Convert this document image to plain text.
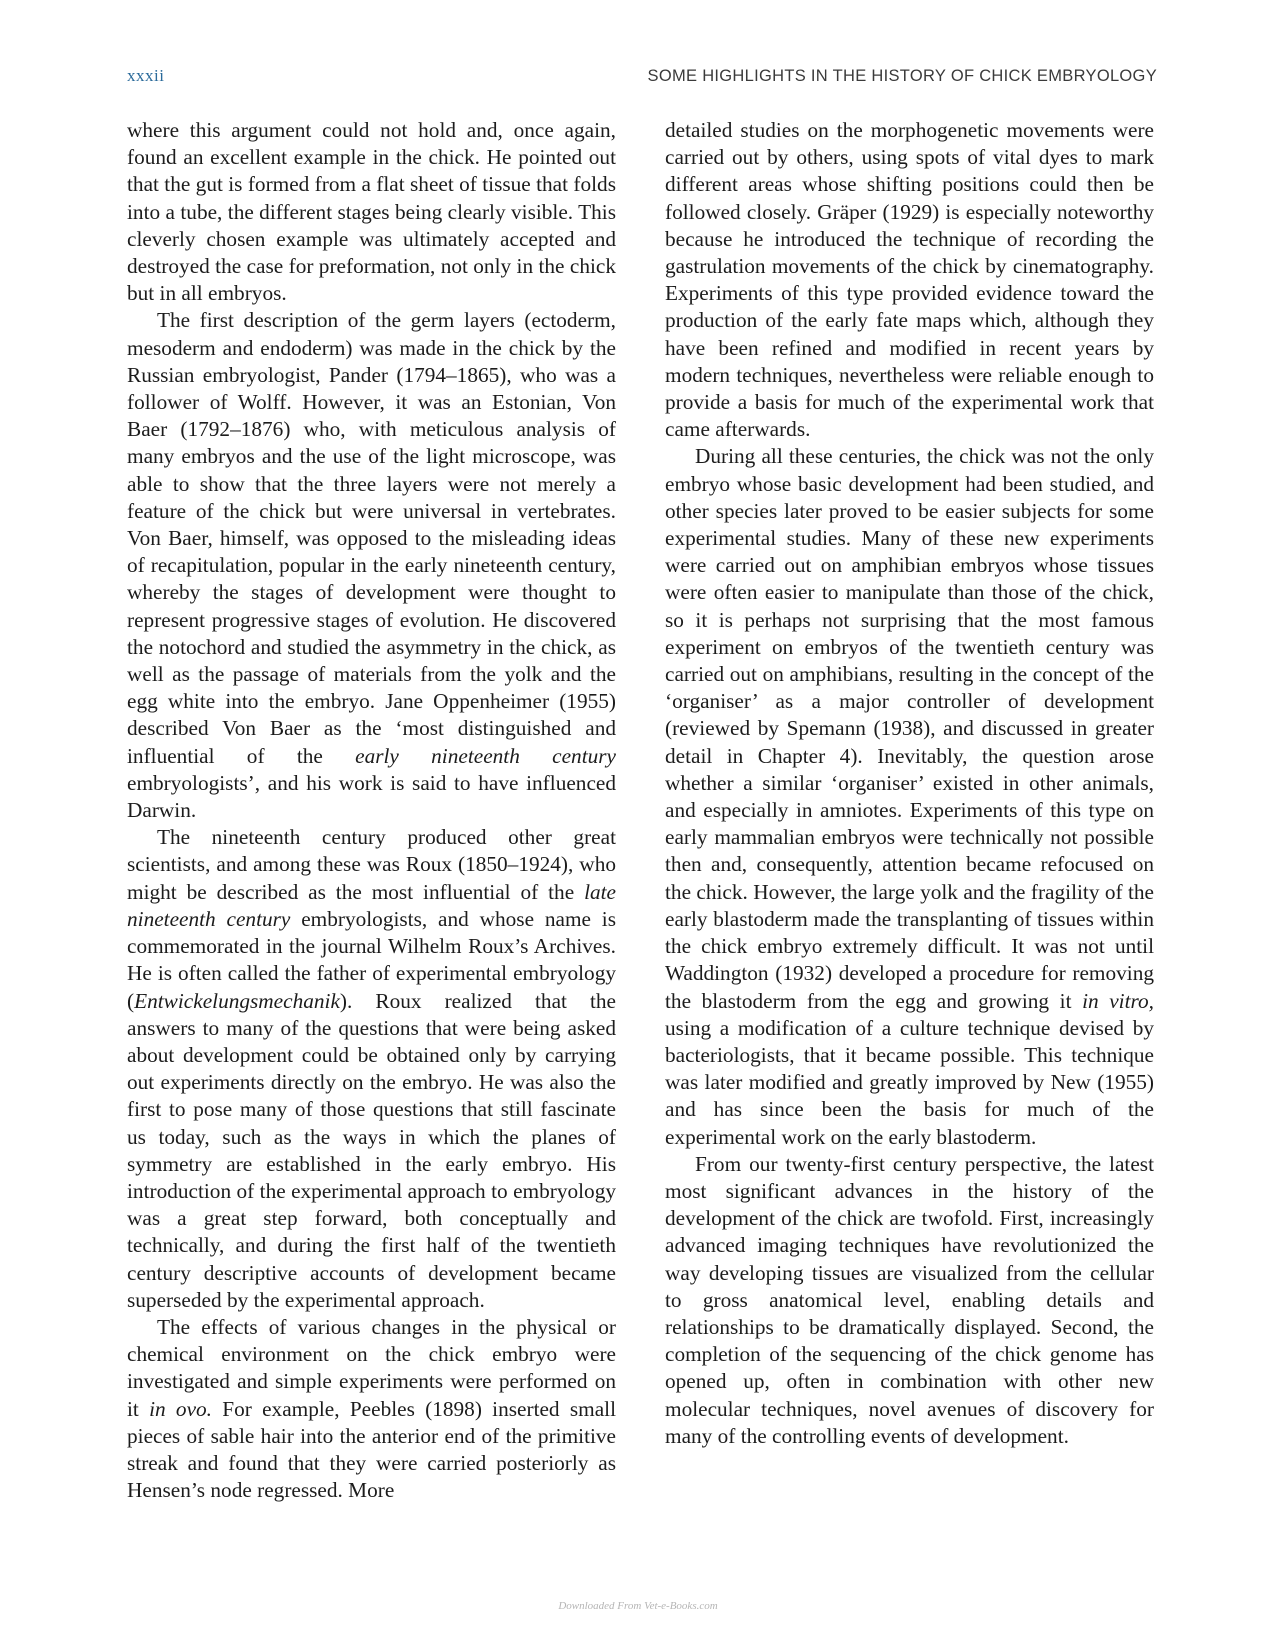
xxxii	SOME HIGHLIGHTS IN THE HISTORY OF CHICK EMBRYOLOGY

where this argument could not hold and, once again, found an excellent example in the chick. He pointed out that the gut is formed from a flat sheet of tissue that folds into a tube, the different stages being clearly visible. This cleverly chosen example was ultimately accepted and destroyed the case for preformation, not only in the chick but in all embryos.

The first description of the germ layers (ectoderm, mesoderm and endoderm) was made in the chick by the Russian embryologist, Pander (1794–1865), who was a follower of Wolff. However, it was an Estonian, Von Baer (1792–1876) who, with meticulous analysis of many embryos and the use of the light microscope, was able to show that the three layers were not merely a feature of the chick but were universal in vertebrates. Von Baer, himself, was opposed to the misleading ideas of recapitulation, popular in the early nineteenth century, whereby the stages of development were thought to represent progressive stages of evolution. He discovered the notochord and studied the asymmetry in the chick, as well as the passage of materials from the yolk and the egg white into the embryo. Jane Oppenheimer (1955) described Von Baer as the ‘most distinguished and influential of the early nineteenth century embryologists’, and his work is said to have influenced Darwin.

The nineteenth century produced other great scientists, and among these was Roux (1850–1924), who might be described as the most influential of the late nineteenth century embryologists, and whose name is commemorated in the journal Wilhelm Roux’s Archives. He is often called the father of experimental embryology (Entwickelungsmechanik). Roux realized that the answers to many of the questions that were being asked about development could be obtained only by carrying out experiments directly on the embryo. He was also the first to pose many of those questions that still fascinate us today, such as the ways in which the planes of symmetry are established in the early embryo. His introduction of the experimental approach to embryology was a great step forward, both conceptually and technically, and during the first half of the twentieth century descriptive accounts of development became superseded by the experimental approach.

The effects of various changes in the physical or chemical environment on the chick embryo were investigated and simple experiments were performed on it in ovo. For example, Peebles (1898) inserted small pieces of sable hair into the anterior end of the primitive streak and found that they were carried posteriorly as Hensen’s node regressed. More

detailed studies on the morphogenetic movements were carried out by others, using spots of vital dyes to mark different areas whose shifting positions could then be followed closely. Gräper (1929) is especially noteworthy because he introduced the technique of recording the gastrulation movements of the chick by cinematography. Experiments of this type provided evidence toward the production of the early fate maps which, although they have been refined and modified in recent years by modern techniques, nevertheless were reliable enough to provide a basis for much of the experimental work that came afterwards.

During all these centuries, the chick was not the only embryo whose basic development had been studied, and other species later proved to be easier subjects for some experimental studies. Many of these new experiments were carried out on amphibian embryos whose tissues were often easier to manipulate than those of the chick, so it is perhaps not surprising that the most famous experiment on embryos of the twentieth century was carried out on amphibians, resulting in the concept of the ‘organiser’ as a major controller of development (reviewed by Spemann (1938), and discussed in greater detail in Chapter 4). Inevitably, the question arose whether a similar ‘organiser’ existed in other animals, and especially in amniotes. Experiments of this type on early mammalian embryos were technically not possible then and, consequently, attention became refocused on the chick. However, the large yolk and the fragility of the early blastoderm made the transplanting of tissues within the chick embryo extremely difficult. It was not until Waddington (1932) developed a procedure for removing the blastoderm from the egg and growing it in vitro, using a modification of a culture technique devised by bacteriologists, that it became possible. This technique was later modified and greatly improved by New (1955) and has since been the basis for much of the experimental work on the early blastoderm.

From our twenty-first century perspective, the latest most significant advances in the history of the development of the chick are twofold. First, increasingly advanced imaging techniques have revolutionized the way developing tissues are visualized from the cellular to gross anatomical level, enabling details and relationships to be dramatically displayed. Second, the completion of the sequencing of the chick genome has opened up, often in combination with other new molecular techniques, novel avenues of discovery for many of the controlling events of development.

Downloaded From Vet-e-Books.com
